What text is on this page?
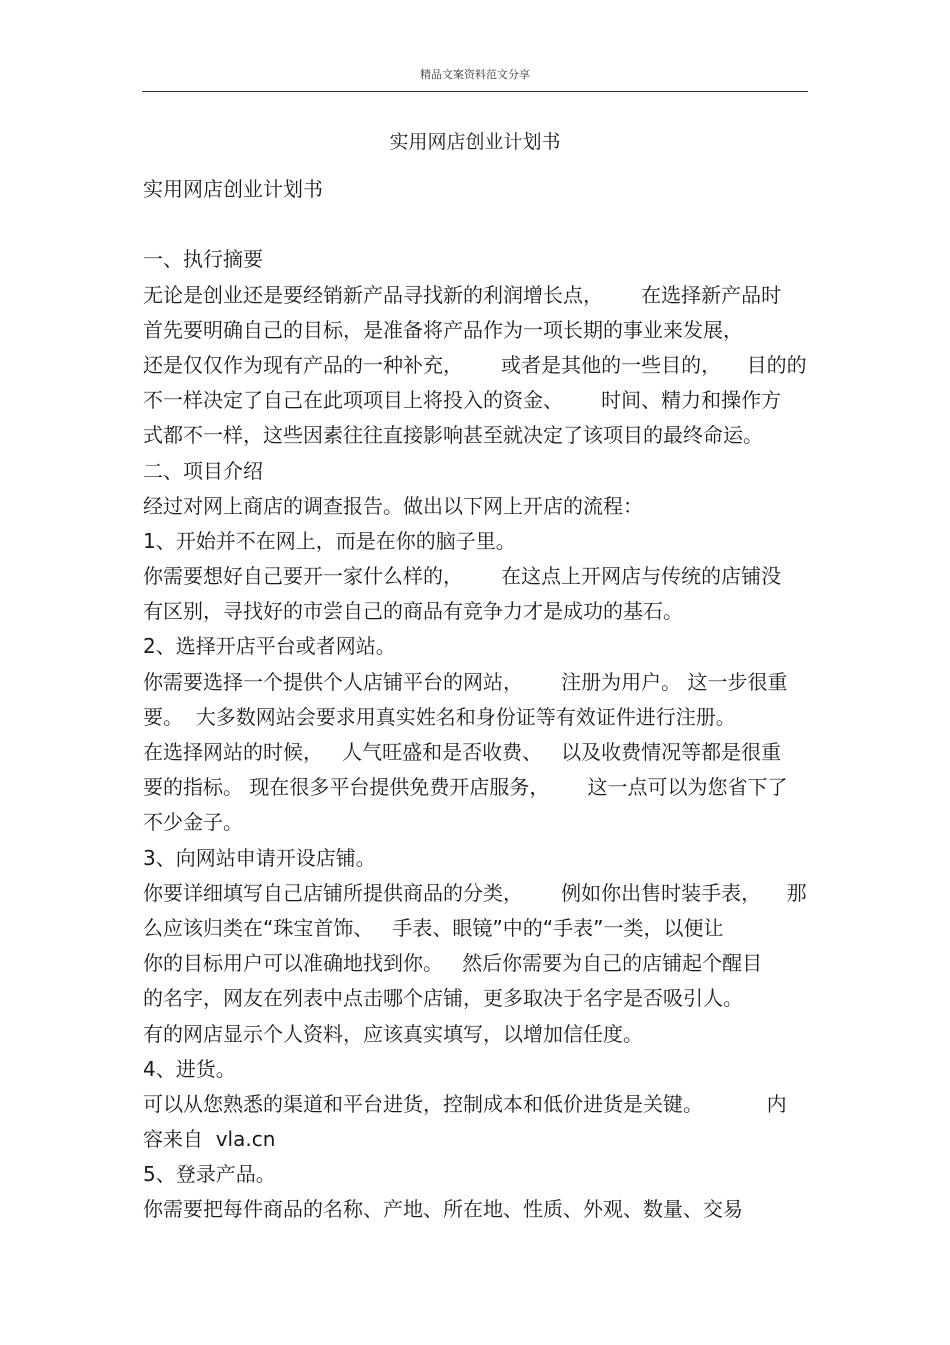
精品文案资料范文分享
实用网店创业计划书
实用网店创业计划书
一、执行摘要
无论是创业还是要经销新产品寻找新的利润增长点，      在选择新产品时
首先要明确自己的目标，是准备将产品作为一项长期的事业来发展，
还是仅仅作为现有产品的一种补充，      或者是其他的一些目的，    目的的
不一样决定了自己在此项项目上将投入的资金、      时间、精力和操作方
式都不一样，这些因素往往直接影响甚至就决定了该项目的最终命运。
二、项目介绍
经过对网上商店的调查报告。做出以下网上开店的流程：
1、开始并不在网上，而是在你的脑子里。
你需要想好自己要开一家什么样的，      在这点上开网店与传统的店铺没
有区别，寻找好的市尝自己的商品有竞争力才是成功的基石。
2、选择开店平台或者网站。
你需要选择一个提供个人店铺平台的网站，      注册为用户。 这一步很重
要。  大多数网站会要求用真实姓名和身份证等有效证件进行注册。
在选择网站的时候，   人气旺盛和是否收费、   以及收费情况等都是很重
要的指标。 现在很多平台提供免费开店服务，      这一点可以为您省下了
不少金子。
3、向网站申请开设店铺。
你要详细填写自己店铺所提供商品的分类，      例如你出售时装手表，    那
么应该归类在“珠宝首饰、   手表、眼镜”中的“手表”一类，以便让
你的目标用户可以准确地找到你。   然后你需要为自己的店铺起个醒目
的名字，网友在列表中点击哪个店铺，更多取决于名字是否吸引人。
有的网店显示个人资料，应该真实填写，以增加信任度。
4、进货。
可以从您熟悉的渠道和平台进货，控制成本和低价进货是关键。          内
容来自  vla.cn
5、登录产品。
你需要把每件商品的名称、产地、所在地、性质、外观、数量、交易
